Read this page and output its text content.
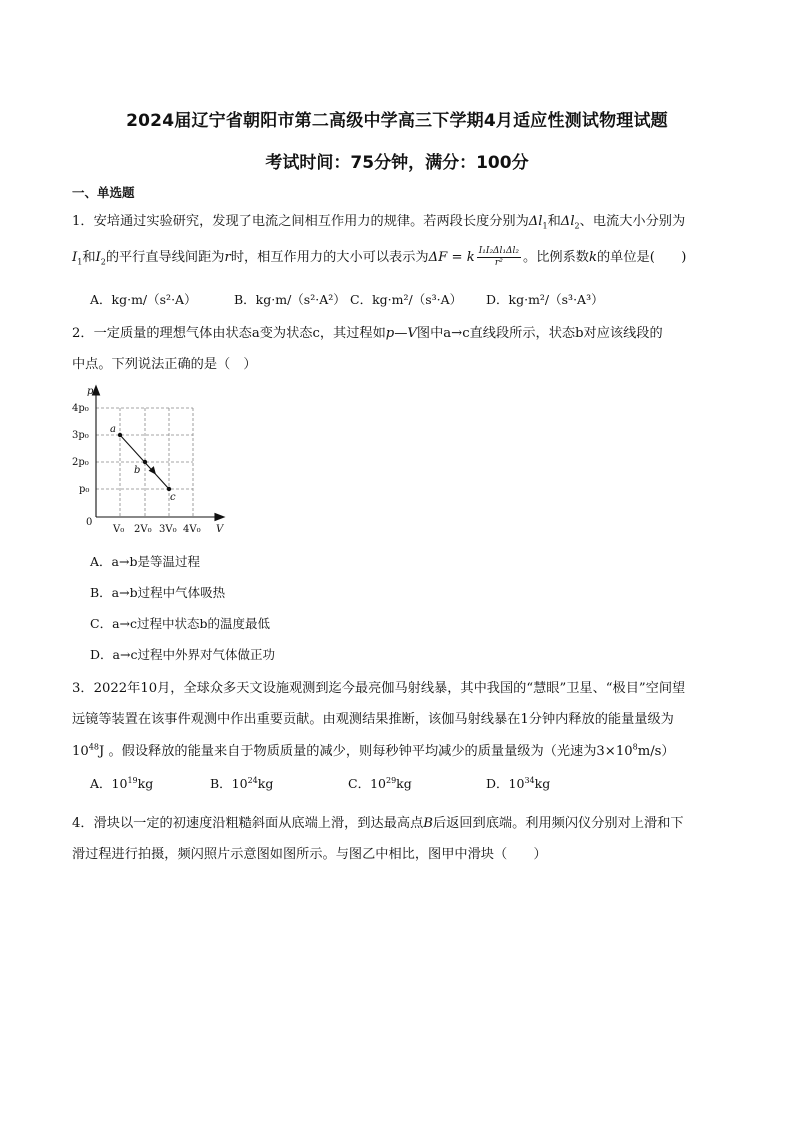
2024届辽宁省朝阳市第二高级中学高三下学期4月适应性测试物理试题
考试时间：75分钟，满分：100分
一、单选题
1．安培通过实验研究，发现了电流之间相互作用力的规律。若两段长度分别为$\Delta l_1$和$\Delta l_2$、电流大小分别为
$I_1$和$I_2$的平行直导线间距为r时，相互作用力的大小可以表示为ΔF = k $\frac{\text{I₁I₂Δl₁Δl₂}}{\text{r²}}$ 。比例系数k的单位是(　　)
A．kg·m/（s²·A）	B．kg·m/（s²·A²） C．kg·m²/（s³·A） D．kg·m²/（s³·A³）
2．一定质量的理想气体由状态a变为状态c，其过程如p—V图中a→c直线段所示，状态b对应该线段的
中点。下列说法正确的是（　）
p
V
0
4p₀
3p₀
2p₀
p₀
V₀ 2V₀ 3V₀ 4V₀
a
b
c
A．a→b是等温过程
B．a→b过程中气体吸热
C．a→c过程中状态b的温度最低
D．a→c过程中外界对气体做正功
3．2022年10月，全球众多天文设施观测到迄今最亮伽马射线暴，其中我国的“慧眼”卫星、“极目”空间望
远镜等装置在该事件观测中作出重要贡献。由观测结果推断，该伽马射线暴在1分钟内释放的能量量级为
$10^{48}J$ 。假设释放的能量来自于物质质量的减少，则每秒钟平均减少的质量量级为（光速为$3\times 10^8m/s$）
A．$10^{19}kg$	B．$10^{24}kg$	C．$10^{29}kg$	D．$10^{34}kg$
4．滑块以一定的初速度沿粗糙斜面从底端上滑，到达最高点B后返回到底端。利用频闪仪分别对上滑和下
滑过程进行拍摄，频闪照片示意图如图所示。与图乙中相比，图甲中滑块（　　）
